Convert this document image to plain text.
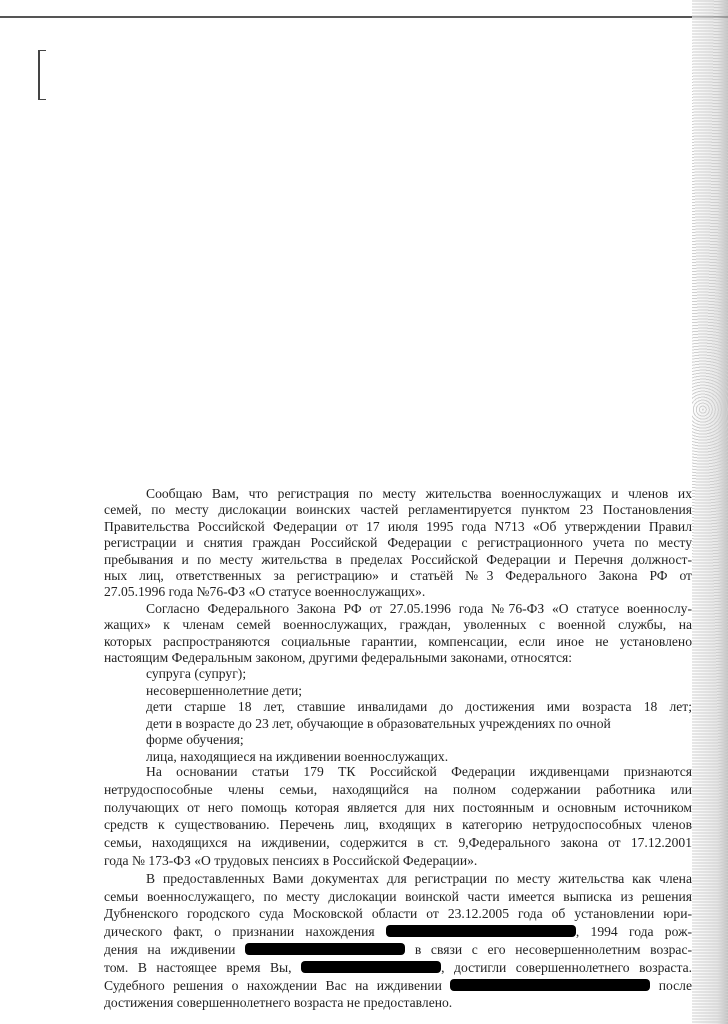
Сообщаю Вам, что регистрация по месту жительства военнослужащих и членов их
семей, по месту дислокации воинских частей регламентируется пунктом 23 Постановления
Правительства Российской Федерации от 17 июля 1995 года N713 «Об утверждении Правил
регистрации и снятия граждан Российской Федерации с регистрационного учета по месту
пребывания и по месту жительства в пределах Российской Федерации и Перечня должност-
ных лиц, ответственных за регистрацию» и статьёй №3 Федерального Закона РФ от
27.05.1996 года №76-ФЗ «О статусе военнослужащих».
Согласно Федерального Закона РФ от 27.05.1996 года №76-ФЗ «О статусе военнослу-
жащих» к членам семей военнослужащих, граждан, уволенных с военной службы, на
которых распространяются социальные гарантии, компенсации, если иное не установлено
настоящим Федеральным законом, другими федеральными законами, относятся:
супруга (супруг);
несовершеннолетние дети;
дети старше 18 лет, ставшие инвалидами до достижения ими возраста 18 лет;
дети в возрасте до 23 лет, обучающие в образовательных учреждениях по очной
форме обучения;
лица, находящиеся на иждивении военнослужащих.
На основании статьи 179 ТК Российской Федерации иждивенцами признаются
нетрудоспособные члены семьи, находящийся на полном содержании работника или
получающих от него помощь которая является для них постоянным и основным источником
средств к существованию. Перечень лиц, входящих в категорию нетрудоспособных членов
семьи, находящихся на иждивении, содержится в ст. 9,Федерального закона от 17.12.2001
года № 173-ФЗ «О трудовых пенсиях в Российской Федерации».
В предоставленных Вами документах для регистрации по месту жительства как члена
семьи военнослужащего, по месту дислокации воинской части имеется выписка из решения
Дубненского городского суда Московской области от 23.12.2005 года об установлении юри-
дического факт, о признании нахождения	, 1994 года рож-
дения на иждивении	в связи с его несовершеннолетним возрас-
том. В настоящее время Вы,	, достигли совершеннолетнего возраста.
Судебного решения о нахождении Вас на иждивении	после
достижения совершеннолетнего возраста не предоставлено.
